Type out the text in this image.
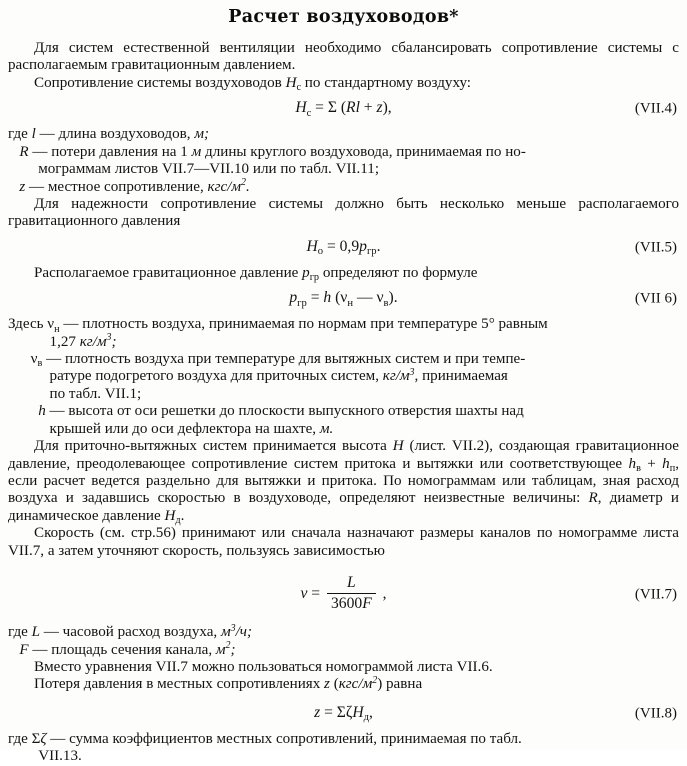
Расчет воздуховодов*

Для систем естественной вентиляции необходимо сбалансировать сопротивление системы с располагаемым гравитационным давлением.

Сопротивление системы воздуховодов $H_с$ по стандартному воздуху:

$H_с = \Sigma$ (Rl + z),	(VII.4)
где l — длина воздуховодов, м;
R — потери давления на 1 м длины круглого воздуховода, принимаемая по но-

мограммам листов VII.7—VII.10 или по табл. VII.11;
z — местное сопротивление, кгс/$м^2$.

Для надежности сопротивление системы должно быть несколько меньше располагаемого гравитационного давления

$H_о = 0,9p_{гр}$.	(VII.5)

Располагаемое гравитационное давление $p_{гр}$ определяют по формуле

$p_{гр} = h$ ($\nu_н$ — $\nu_в$).	(VII 6)
Здесь $\nu_н$ — плотность воздуха, принимаемая по нормам при температуре 5° равным

1,27 $кг/м^3$;
$\nu_в$ — плотность воздуха при температуре для вытяжных систем и при темпе-

ратуре подогретого воздуха для приточных систем, $кг/м^3$, принимаемая

по табл. VII.1;
h — высота от оси решетки до плоскости выпускного отверстия шахты над

крышей или до оси дефлектора на шахте, м.

Для приточно-вытяжных систем принимается высота H (лист. VII.2), создающая гравитационное давление, преодолевающее сопротивление систем притока и вытяжки или соответствующее $h_в + h_п$, если расчет ведется раздельно для вытяжки и притока. По номограммам или таблицам, зная расход воздуха и задавшись скоростью в воздуховоде, определяют неизвестные величины: R, диаметр и динамическое давление $H_д$.

Скорость (см. стр.56) принимают или сначала назначают размеры каналов по номограмме листа VII.7, а затем уточняют скорость, пользуясь зависимостью

$v = \frac{L}{3600F}$ ,	(VII.7)
где L — часовой расход воздуха, $м^3/ч$;
F — площадь сечения канала, $м^2$;

Вместо уравнения VII.7 можно пользоваться номограммой листа VII.6.

Потеря давления в местных сопротивлениях z $(кгс/м^2)$ равна

z = ΣζH$_д$,	(VII.8)
где Σζ — сумма коэффициентов местных сопротивлений, принимаемая по табл.

VII.13.
